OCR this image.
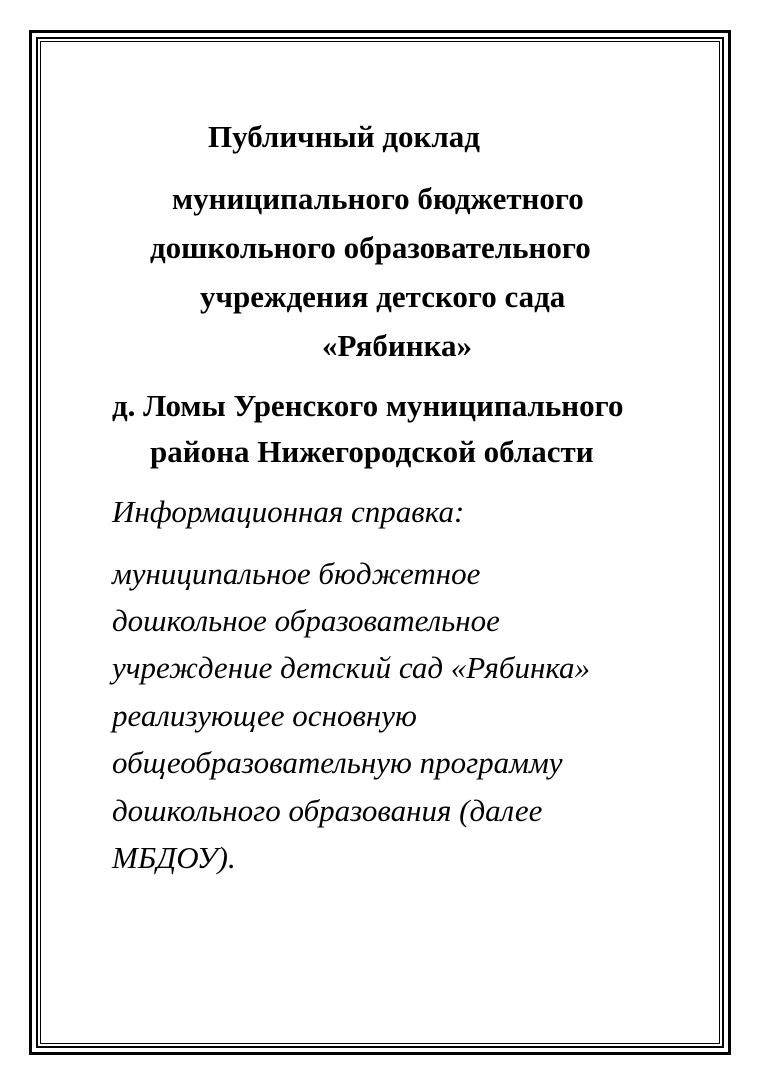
Публичный доклад
муниципального бюджетного
дошкольного образовательного
учреждения детского сада
«Рябинка»
д. Ломы Уренского муниципального
района Нижегородской области
Информационная справка:
муниципальное бюджетное
дошкольное образовательное
учреждение детский сад «Рябинка»
реализующее основную
общеобразовательную программу
дошкольного образования (далее
МБДОУ).
